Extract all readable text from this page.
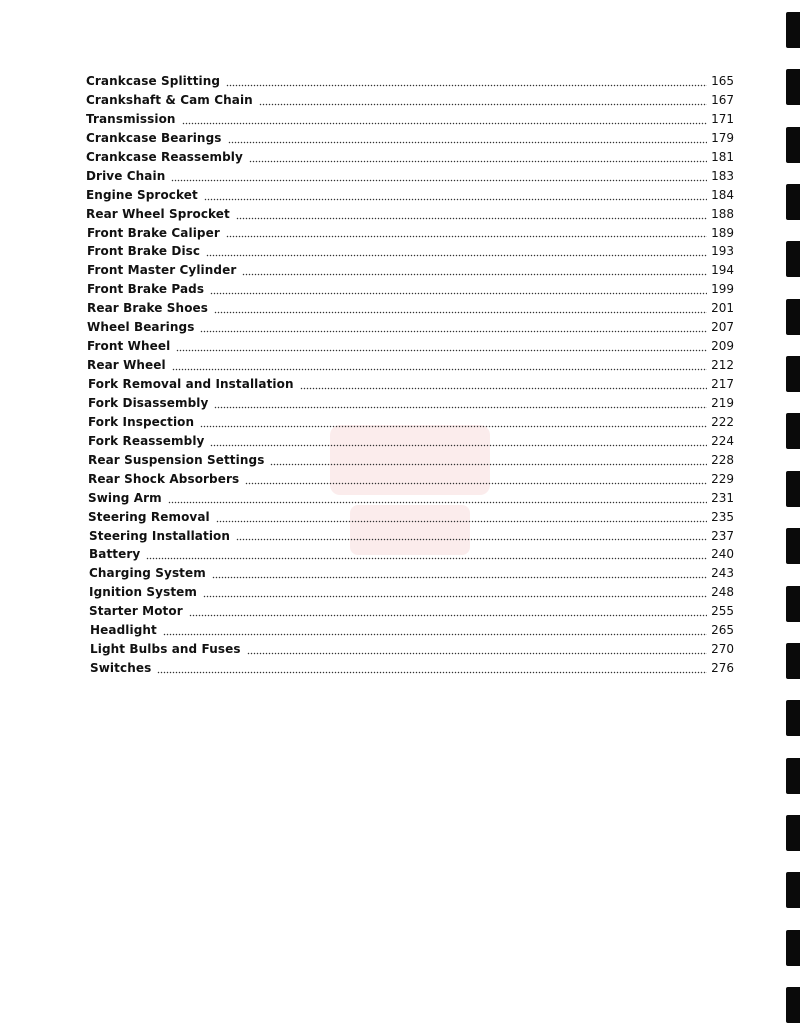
Crankcase Splitting	165
Crankshaft & Cam Chain	167
Transmission	171
Crankcase Bearings	179
Crankcase Reassembly	181
Drive Chain	183
Engine Sprocket	184
Rear Wheel Sprocket	188
Front Brake Caliper	189
Front Brake Disc	193
Front Master Cylinder	194
Front Brake Pads	199
Rear Brake Shoes	201
Wheel Bearings	207
Front Wheel	209
Rear Wheel	212
Fork Removal and Installation	217
Fork Disassembly	219
Fork Inspection	222
Fork Reassembly	224
Rear Suspension Settings	228
Rear Shock Absorbers	229
Swing Arm	231
Steering Removal	235
Steering Installation	237
Battery	240
Charging System	243
Ignition System	248
Starter Motor	255
Headlight	265
Light Bulbs and Fuses	270
Switches	276
